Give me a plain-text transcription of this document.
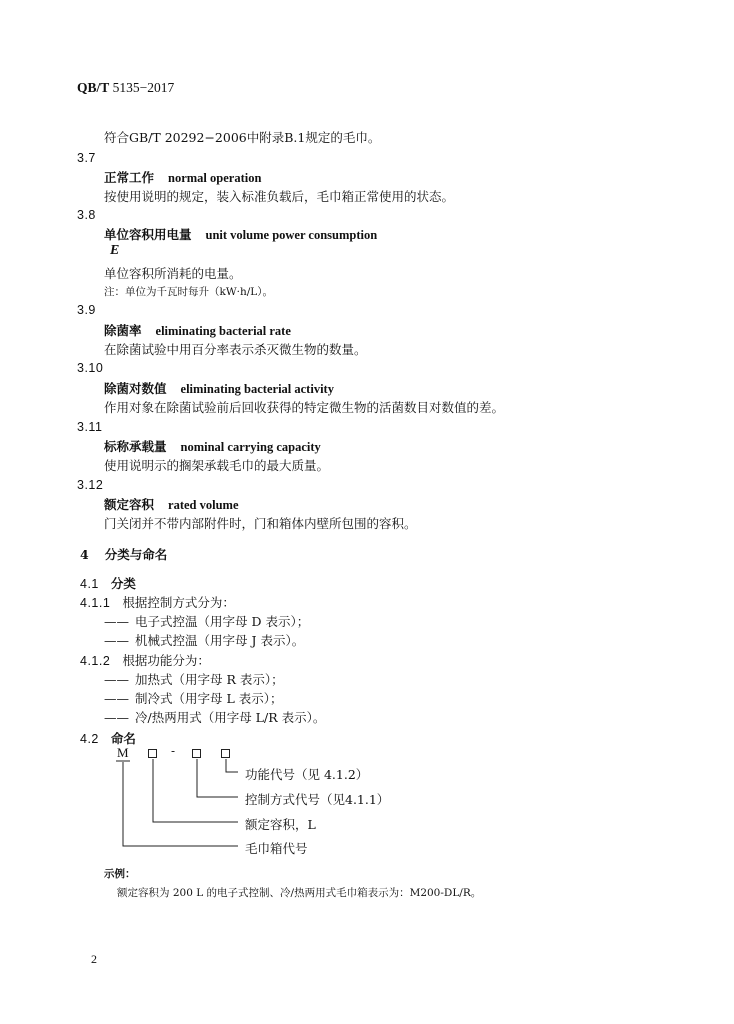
QB/T 5135−2017
符合GB/T 20292−2006中附录B.1规定的毛巾。
3.7
正常工作 normal operation
按使用说明的规定，装入标准负载后，毛巾箱正常使用的状态。
3.8
单位容积用电量 unit volume power consumption
E
单位容积所消耗的电量。
注：单位为千瓦时每升（kW·h/L）。
3.9
除菌率 eliminating bacterial rate
在除菌试验中用百分率表示杀灭微生物的数量。
3.10
除菌对数值 eliminating bacterial activity
作用对象在除菌试验前后回收获得的特定微生物的活菌数目对数值的差。
3.11
标称承载量 nominal carrying capacity
使用说明示的搁架承载毛巾的最大质量。
3.12
额定容积 rated volume
门关闭并不带内部附件时，门和箱体内壁所包围的容积。
4 分类与命名
4.1 分类
4.1.1 根据控制方式分为：
—— 电子式控温（用字母 D 表示）；
—— 机械式控温（用字母 J 表示）。
4.1.2 根据功能分为：
—— 加热式（用字母 R 表示）；
—— 制冷式（用字母 L 表示）；
—— 冷/热两用式（用字母 L/R 表示）。
4.2 命名
M	-
功能代号（见 4.1.2）
控制方式代号（见4.1.1）
额定容积，L
毛巾箱代号
示例：
额定容积为 200 L 的电子式控制、冷/热两用式毛巾箱表示为：M200-DL/R。
2
